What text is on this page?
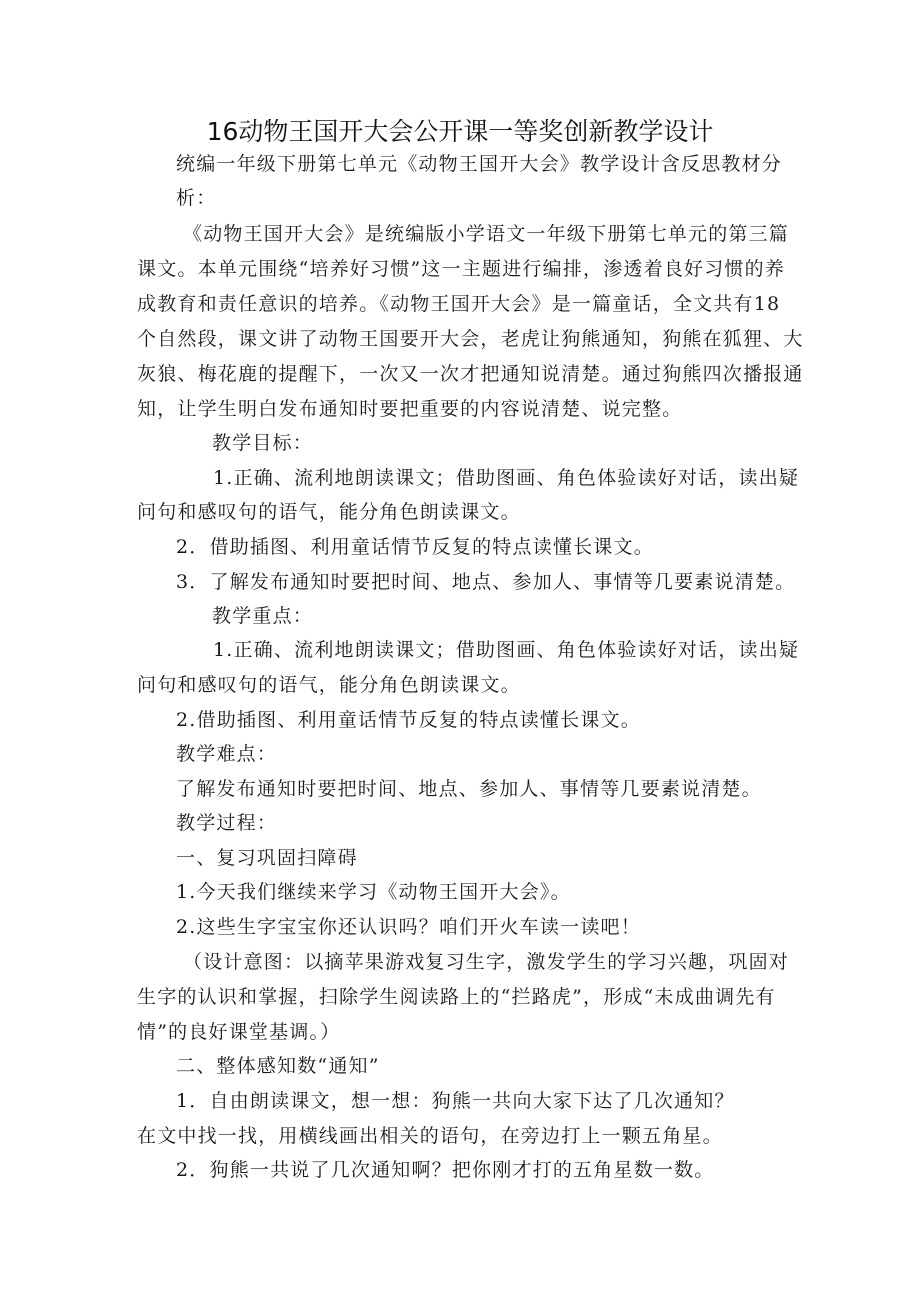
16动物王国开大会公开课一等奖创新教学设计
统编一年级下册第七单元《动物王国开大会》教学设计含反思教材分
析：
《动物王国开大会》是统编版小学语文一年级下册第七单元的第三篇
课文。本单元围绕“培养好习惯”这一主题进行编排，渗透着良好习惯的养
成教育和责任意识的培养。《动物王国开大会》是一篇童话，全文共有18
个自然段，课文讲了动物王国要开大会，老虎让狗熊通知，狗熊在狐狸、大
灰狼、梅花鹿的提醒下，一次又一次才把通知说清楚。通过狗熊四次播报通
知，让学生明白发布通知时要把重要的内容说清楚、说完整。
教学目标：
1.正确、流利地朗读课文；借助图画、角色体验读好对话，读出疑
问句和感叹句的语气，能分角色朗读课文。
2．借助插图、利用童话情节反复的特点读懂长课文。
3．了解发布通知时要把时间、地点、参加人、事情等几要素说清楚。
教学重点：
1.正确、流利地朗读课文；借助图画、角色体验读好对话，读出疑
问句和感叹句的语气，能分角色朗读课文。
2.借助插图、利用童话情节反复的特点读懂长课文。
教学难点：
了解发布通知时要把时间、地点、参加人、事情等几要素说清楚。
教学过程：
一、复习巩固扫障碍
1.今天我们继续来学习《动物王国开大会》。
2.这些生字宝宝你还认识吗？咱们开火车读一读吧！
（设计意图：以摘苹果游戏复习生字，激发学生的学习兴趣，巩固对
生字的认识和掌握，扫除学生阅读路上的“拦路虎”，形成“未成曲调先有
情”的良好课堂基调。）
二、整体感知数“通知”
1．自由朗读课文，想一想：狗熊一共向大家下达了几次通知？
在文中找一找，用横线画出相关的语句，在旁边打上一颗五角星。
2．狗熊一共说了几次通知啊？把你刚才打的五角星数一数。
